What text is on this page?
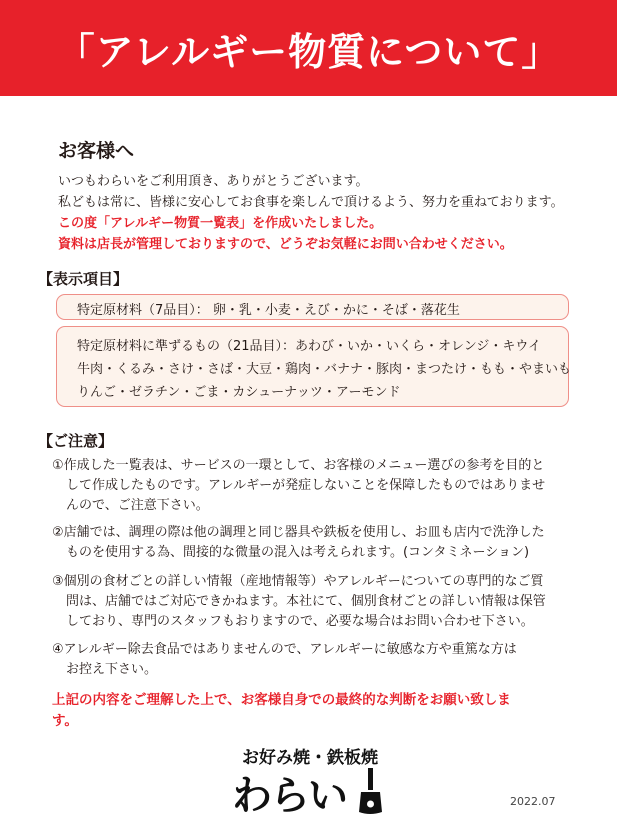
「アレルギー物質について」
お客様へ
いつもわらいをご利用頂き、ありがとうございます。
私どもは常に、皆様に安心してお食事を楽しんで頂けるよう、努力を重ねております。
この度「アレルギー物質一覧表」を作成いたしました。
資料は店長が管理しておりますので、どうぞお気軽にお問い合わせください。
【表示項目】
特定原材料（7品目）： 卵・乳・小麦・えび・かに・そば・落花生
特定原材料に準ずるもの（21品目）：あわび・いか・いくら・オレンジ・キウイ
牛肉・くるみ・さけ・さば・大豆・鶏肉・バナナ・豚肉・まつたけ・もも・やまいも
りんご・ゼラチン・ごま・カシューナッツ・アーモンド
【ご注意】
①作成した一覧表は、サービスの一環として、お客様のメニュー選びの参考を目的と
して作成したものです。アレルギーが発症しないことを保障したものではありませ
んので、ご注意下さい。
②店舗では、調理の際は他の調理と同じ器具や鉄板を使用し、お皿も店内で洗浄した
ものを使用する為、間接的な微量の混入は考えられます。(コンタミネーション)
③個別の食材ごとの詳しい情報（産地情報等）やアレルギーについての専門的なご質
問は、店舗ではご対応できかねます。本社にて、個別食材ごとの詳しい情報は保管
しており、専門のスタッフもおりますので、必要な場合はお問い合わせ下さい。
④アレルギー除去食品ではありませんので、アレルギーに敏感な方や重篤な方は
お控え下さい。
上記の内容をご理解した上で、お客様自身での最終的な判断をお願い致しま
す。
お好み焼・鉄板焼
わらい	2022.07
